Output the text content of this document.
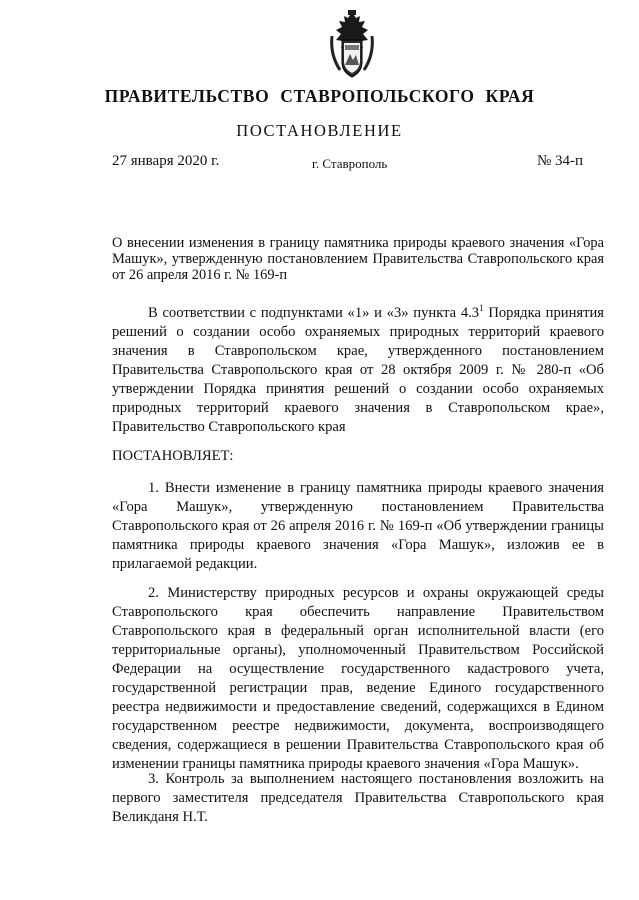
ПРАВИТЕЛЬСТВО СТАВРОПОЛЬСКОГО КРАЯ
ПОСТАНОВЛЕНИЕ
27 января 2020 г.	г. Ставрополь	№ 34-п
О внесении изменения в границу памятника природы краевого значения «Гора Машук», утвержденную постановлением Правительства Ставропольского края от 26 апреля 2016 г. № 169-п

В соответствии с подпунктами «1» и «3» пункта $4.3^1$ Порядка принятия решений о создании особо охраняемых природных территорий краевого значения в Ставропольском крае, утвержденного постановлением Правительства Ставропольского края от 28 октября 2009 г. № 280-п «Об утверждении Порядка принятия решений о создании особо охраняемых природных территорий краевого значения в Ставропольском крае», Правительство Ставропольского края

ПОСТАНОВЛЯЕТ:

1. Внести изменение в границу памятника природы краевого значения «Гора Машук», утвержденную постановлением Правительства Ставропольского края от 26 апреля 2016 г. № 169-п «Об утверждении границы памятника природы краевого значения «Гора Машук», изложив ее в прилагаемой редакции.

2. Министерству природных ресурсов и охраны окружающей среды Ставропольского края обеспечить направление Правительством Ставропольского края в федеральный орган исполнительной власти (его территориальные органы), уполномоченный Правительством Российской Федерации на осуществление государственного кадастрового учета, государственной регистрации прав, ведение Единого государственного реестра недвижимости и предоставление сведений, содержащихся в Едином государственном реестре недвижимости, документа, воспроизводящего сведения, содержащиеся в решении Правительства Ставропольского края об изменении границы памятника природы краевого значения «Гора Машук».

3. Контроль за выполнением настоящего постановления возложить на первого заместителя председателя Правительства Ставропольского края Великданя Н.Т.
